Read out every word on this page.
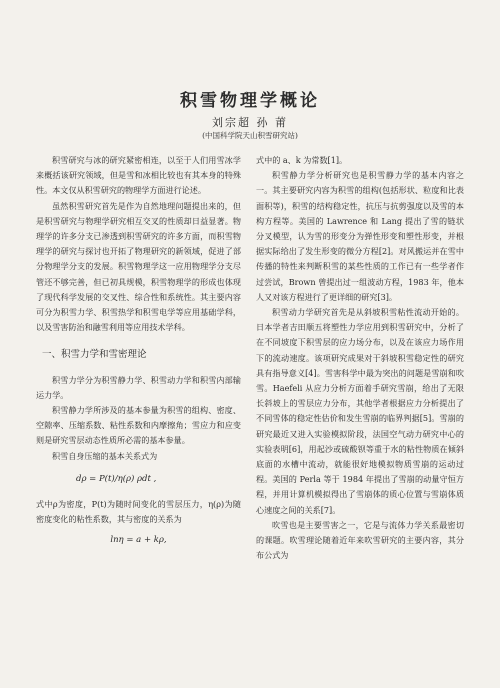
积雪物理学概论
刘宗超 孙 莆
(中国科学院天山积雪研究站)

积雪研究与冰的研究紧密相连，以至于人们用雪冰学来概括该研究领域，但是雪和冰相比较也有其本身的特殊性。本文仅从积雪研究的物理学方面进行论述。

虽然积雪研究首先是作为自然地理问题提出来的，但是积雪研究与物理学研究相互交叉的性质却日益显著。物理学的许多分支已渗透到积雪研究的许多方面，而积雪物理学的研究与探讨也开拓了物理研究的新领域，促进了部分物理学分支的发展。积雪物理学这一应用物理学分支尽管还不够完善，但已初具规模，积雪物理学的形成也体现了现代科学发展的交叉性、综合性和系统性。其主要内容可分为积雪力学、积雪热学和积雪电学等应用基础学科，以及雪害防治和融雪利用等应用技术学科。

一、积雪力学和雪密理论

积雪力学分为积雪静力学、积雪动力学和积雪内部输运力学。

积雪静力学所涉及的基本参量为积雪的组构、密度、空隙率、压缩系数、粘性系数和内摩擦角；雪应力和应变则是研究雪层动态性质所必需的基本参量。

积雪自身压缩的基本关系式为

dρ = P(t)/η(ρ) ρdt ,

式中ρ为密度，P(t)为随时间变化的雪层压力，η(ρ)为随密度变化的粘性系数，其与密度的关系为

lnη = a + kρ,

式中的 a、k 为常数[1]。

积雪静力学分析研究也是积雪静力学的基本内容之一。其主要研究内容为积雪的组构(包括形状、粒度和比表面积等)，积雪的结构稳定性，抗压与抗剪强度以及雪的本构方程等。美国的 Lawrence 和 Lang 提出了雪的链状分叉模型，认为雪的形变分为弹性形变和塑性形变，并根据实际给出了发生形变的微分方程[2]。对风搬运并在雪中传播的特性来判断积雪的某些性质的工作已有一些学者作过尝试，Brown 曾提出过一组波动方程，1983 年，他本人又对该方程进行了更详细的研究[3]。

积雪动力学研究首先是从斜坡积雪粘性流动开始的。日本学者吉田顺五将塑性力学应用到积雪研究中，分析了在不同坡度下积雪层的应力场分布，以及在该应力场作用下的流动速度。该项研究成果对于斜坡积雪稳定性的研究具有指导意义[4]。雪害科学中最为突出的问题是雪崩和吹雪。Haefeli 从应力分析方面着手研究雪崩，给出了无限长斜坡上的雪层应力分布，其他学者根据应力分析提出了不同雪体的稳定性估价和发生雪崩的临界判据[5]。雪崩的研究最近又进入实验模拟阶段，法国空气动力研究中心的实验表明[6]，用起沙或硫酸钡等重于水的粘性物质在倾斜底面的水槽中流动，就能很好地模拟物质雪崩的运动过程。美国的 Perla 等于 1984 年提出了雪崩的动量守恒方程，并用计算机模拟得出了雪崩体的质心位置与雪崩体质心速度之间的关系[7]。

吹雪也是主要雪害之一，它是与流体力学关系最密切的课题。吹雪理论随着近年来吹雪研究的主要内容，其分布公式为
